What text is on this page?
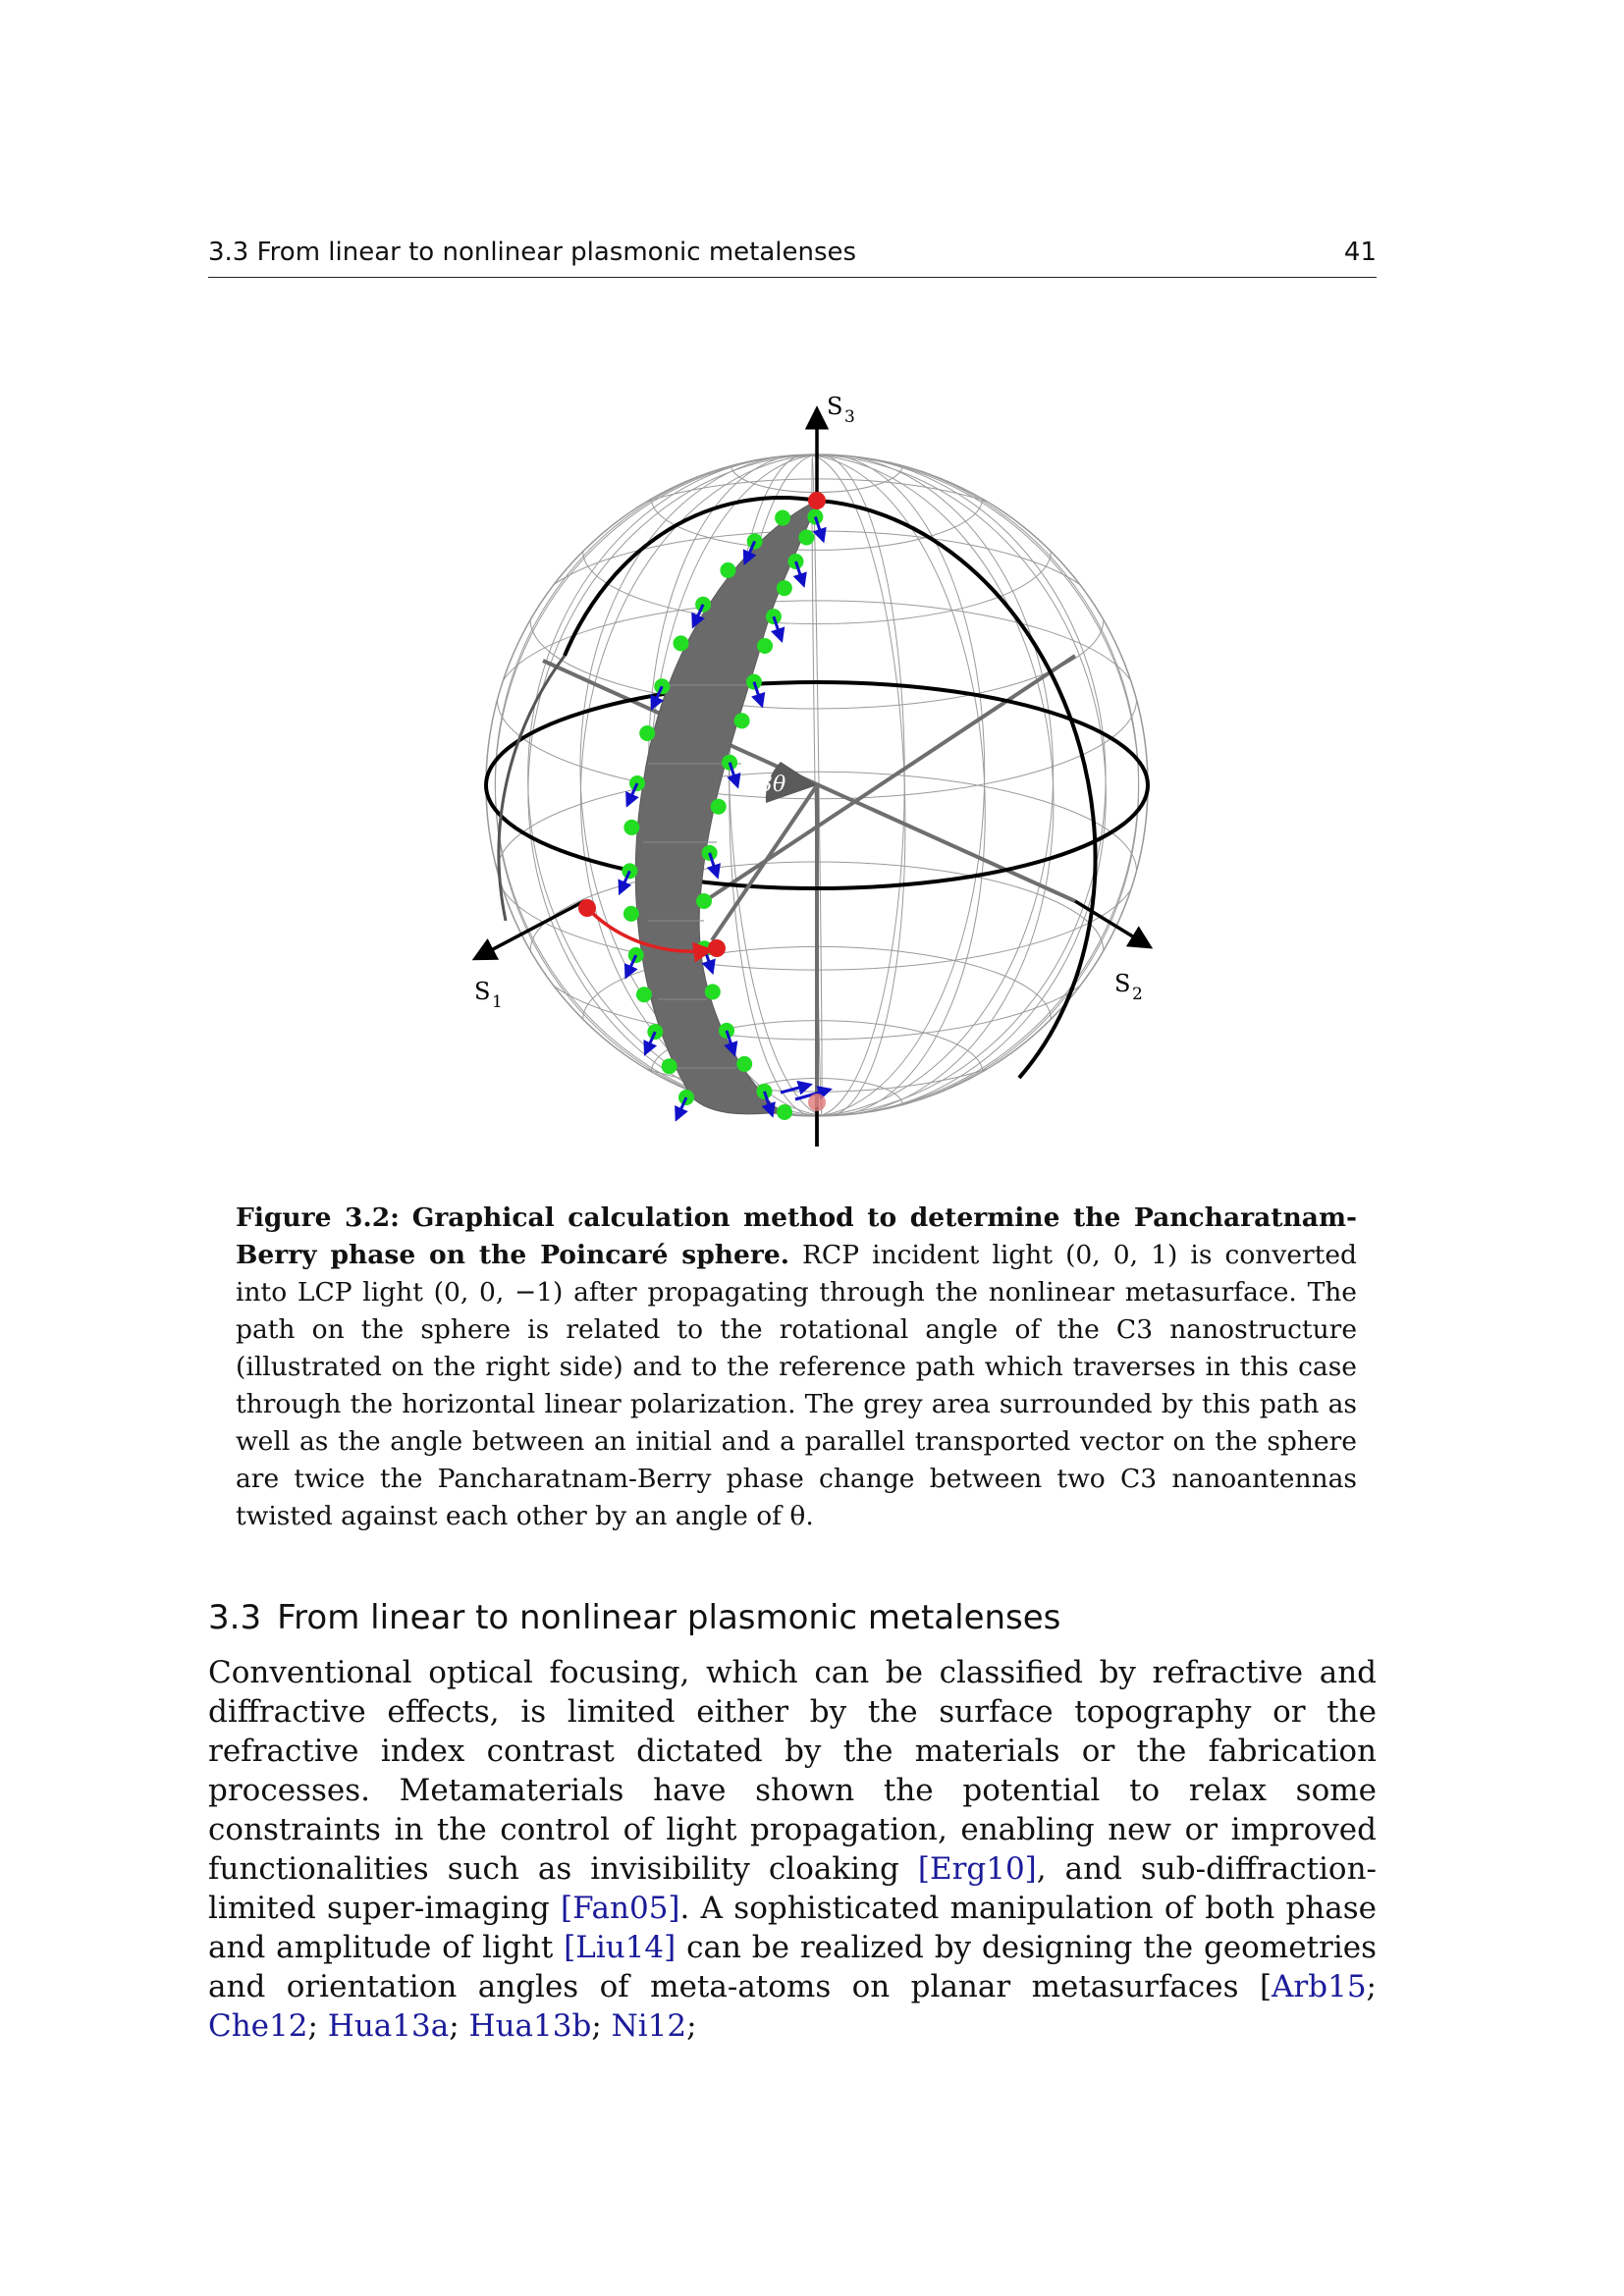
3.3 From linear to nonlinear plasmonic metalenses	41
3θ
S 3
S 1
S 2
Figure 3.2: Graphical calculation method to determine the Pancharatnam-Berry phase on the Poincaré sphere. RCP incident light (0, 0, 1) is converted into LCP light (0, 0, −1) after propagating through the nonlinear metasurface. The path on the sphere is related to the rotational angle of the C3 nanostructure (illustrated on the right side) and to the reference path which traverses in this case through the horizontal linear polarization. The grey area surrounded by this path as well as the angle between an initial and a parallel transported vector on the sphere are twice the Pancharatnam-Berry phase change between two C3 nanoantennas twisted against each other by an angle of θ.
3.3 From linear to nonlinear plasmonic metalenses
Conventional optical focusing, which can be classified by refractive and diffractive effects, is limited either by the surface topography or the refractive index contrast dictated by the materials or the fabrication processes. Metamaterials have shown the potential to relax some constraints in the control of light propagation, enabling new or improved functionalities such as invisibility cloaking [Erg10], and sub-diffraction-limited super-imaging [Fan05]. A sophisticated manipulation of both phase and amplitude of light [Liu14] can be realized by designing the geometries and orientation angles of meta-atoms on planar metasurfaces [Arb15; Che12; Hua13a; Hua13b; Ni12;
